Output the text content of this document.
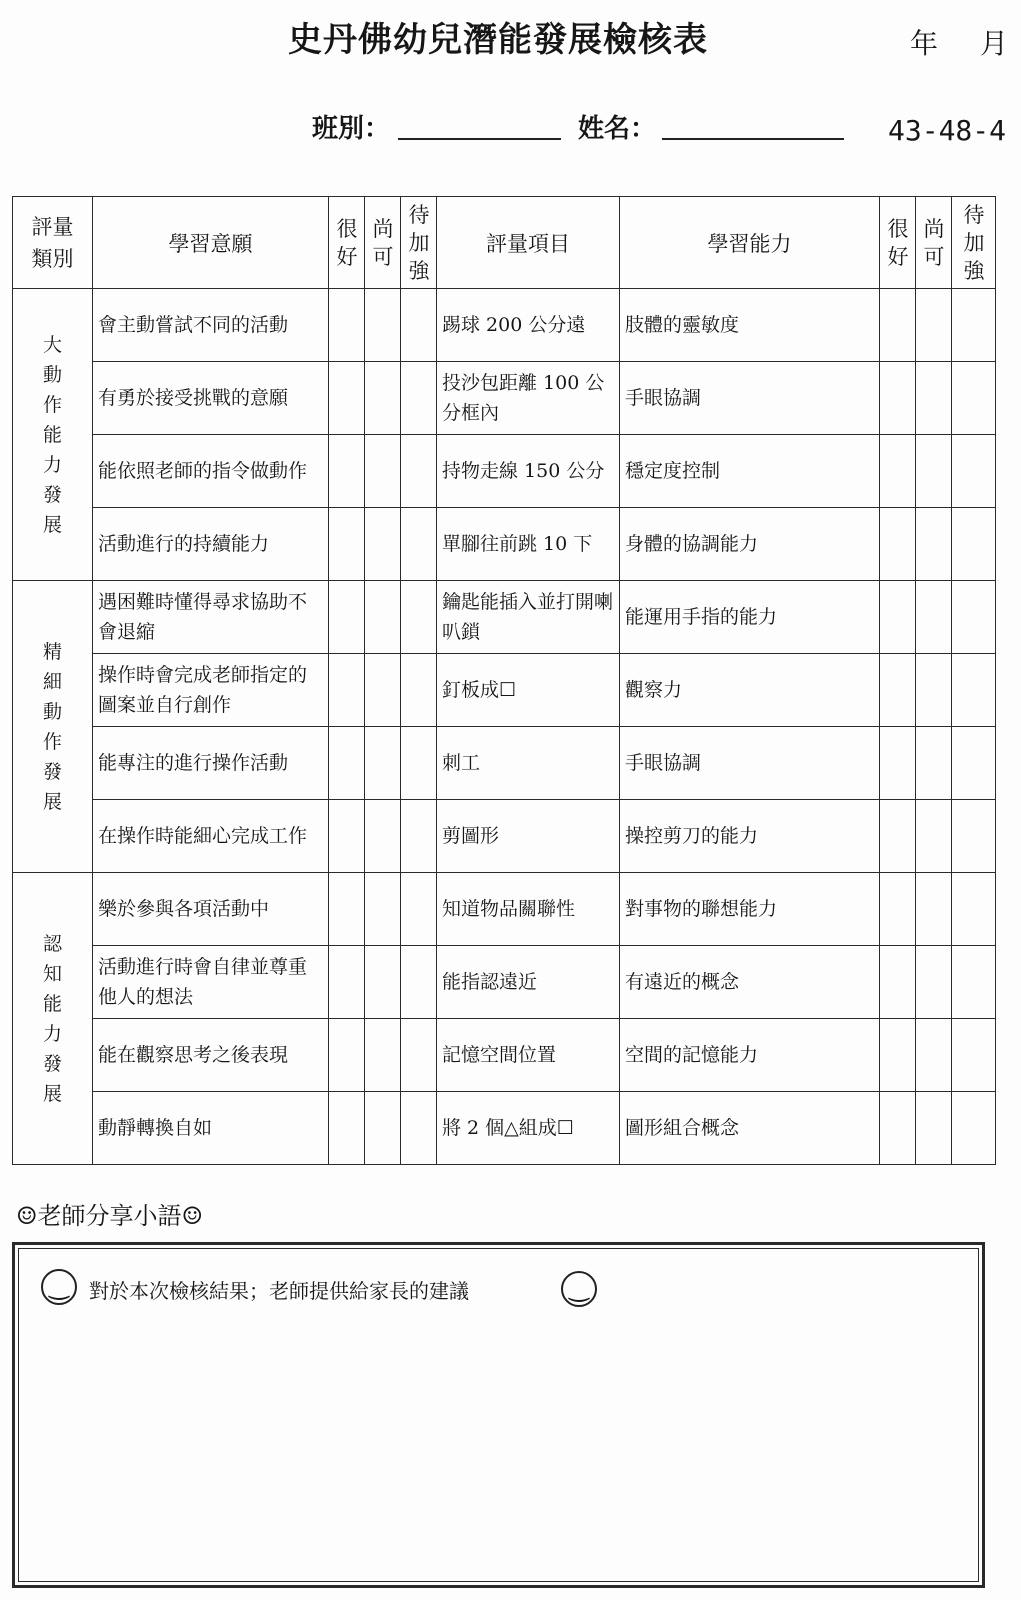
史丹佛幼兒潛能發展檢核表	年 月
班別：	姓名：	43-48-4
評量類別	學習意願	很好	尚可	待加強	評量項目	學習能力	很好	尚可	待加強
大動作能力發展	會主動嘗試不同的活動				踢球 200 公分遠	肢體的靈敏度			
	有勇於接受挑戰的意願				投沙包距離 100 公分框內	手眼協調			
	能依照老師的指令做動作				持物走線 150 公分	穩定度控制			
	活動進行的持續能力				單腳往前跳 10 下	身體的協調能力			
精細動作發展	遇困難時懂得尋求協助不會退縮				鑰匙能插入並打開喇叭鎖	能運用手指的能力			
	操作時會完成老師指定的圖案並自行創作				釘板成☐	觀察力			
	能專注的進行操作活動				刺工	手眼協調			
	在操作時能細心完成工作				剪圖形	操控剪刀的能力			
認知能力發展	樂於參與各項活動中				知道物品關聯性	對事物的聯想能力			
	活動進行時會自律並尊重他人的想法				能指認遠近	有遠近的概念			
	能在觀察思考之後表現				記憶空間位置	空間的記憶能力			
	動靜轉換自如				將 2 個△組成☐	圖形組合概念			
☺老師分享小語☺
‿	對於本次檢核結果；老師提供給家長的建議	‿
